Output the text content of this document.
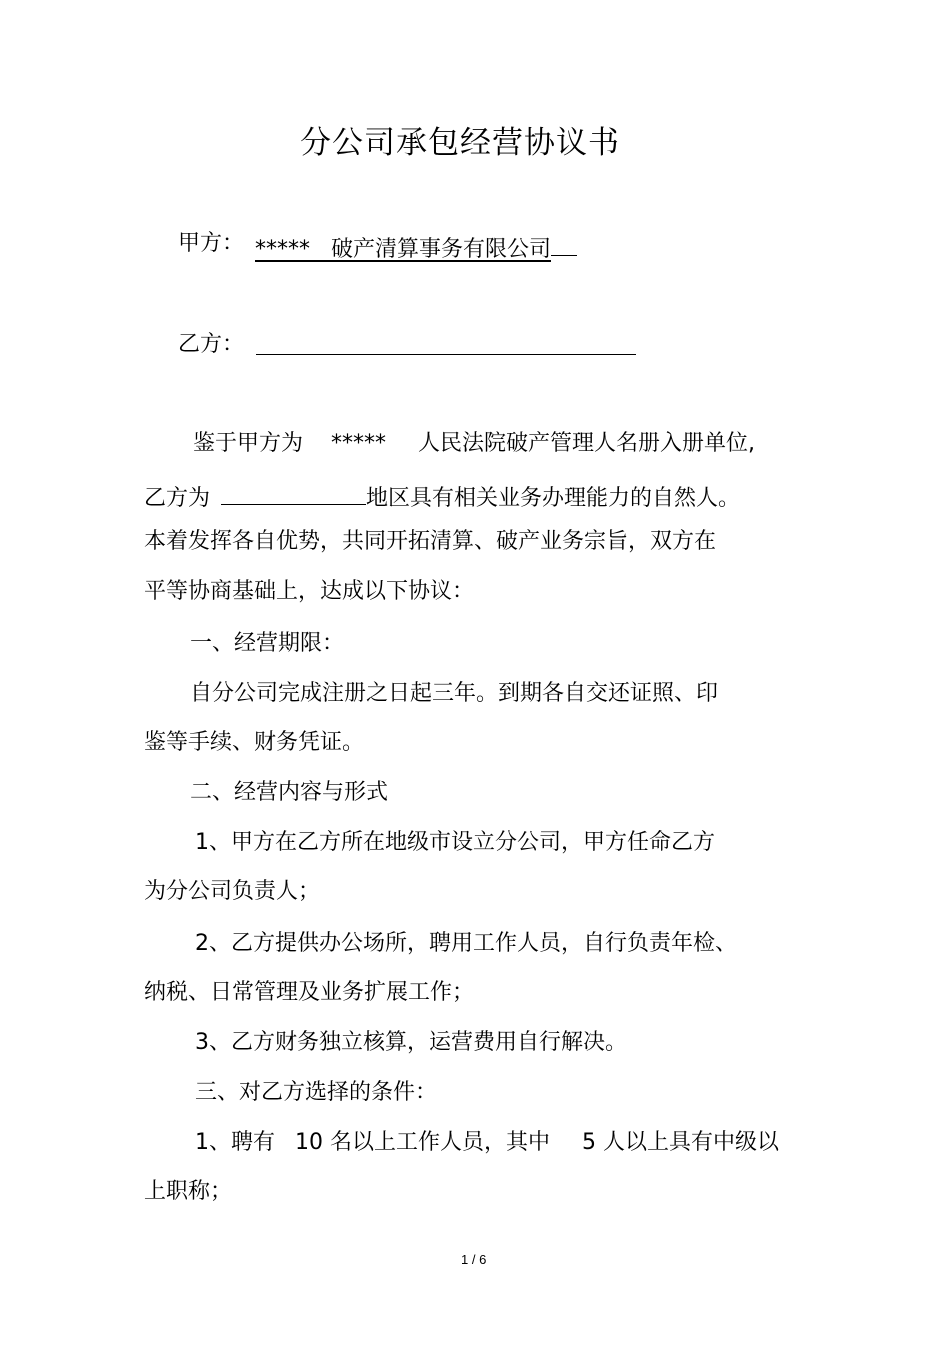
分公司承包经营协议书
甲方： *****   破产清算事务有限公司
乙方：
鉴于甲方为 ***** 人民法院破产管理人名册入册单位,
乙方为	地区具有相关业务办理能力的自然人。
本着发挥各自优势，共同开拓清算、破产业务宗旨，双方在
平等协商基础上，达成以下协议：
一、经营期限：
自分公司完成注册之日起三年。到期各自交还证照、印
鉴等手续、财务凭证。
二、经营内容与形式
1、甲方在乙方所在地级市设立分公司，甲方任命乙方
为分公司负责人；
2、乙方提供办公场所，聘用工作人员，自行负责年检、
纳税、日常管理及业务扩展工作；
3、乙方财务独立核算，运营费用自行解决。
三、对乙方选择的条件：
1、聘有 10 名以上工作人员，其中 5 人以上具有中级以
上职称；
1 / 6
